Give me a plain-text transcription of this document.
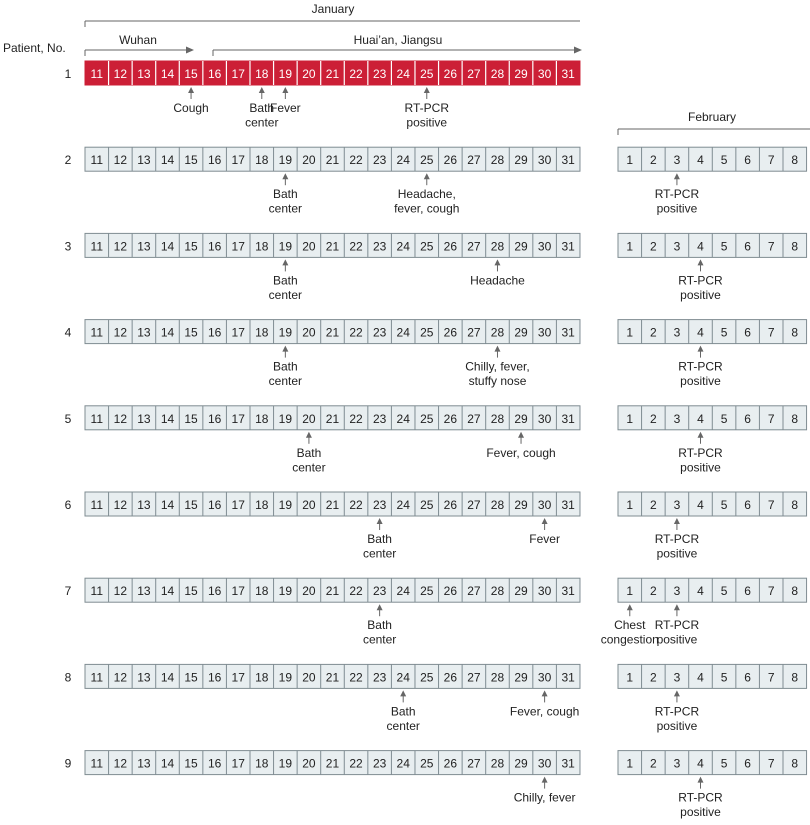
January
February
Patient, No.
Wuhan	Huai’an, Jiangsu
1 11 12 13 14 15 16 17 18 19 20 21 22 23 24 25 26 27 28 29 30 31
Cough	Bath
center
Fever	RT-PCR
positive
2 11 12 13 14 15 16 17 18 19 20 21 22 23 24 25 26 27 28 29 30 31	1 2 3 4 5 6 7 8
Bath
center
Headache,
fever, cough
RT-PCR
positive
3 11 12 13 14 15 16 17 18 19 20 21 22 23 24 25 26 27 28 29 30 31	1 2 3 4 5 6 7 8
Bath
center
Headache	RT-PCR
positive
4 11 12 13 14 15 16 17 18 19 20 21 22 23 24 25 26 27 28 29 30 31	1 2 3 4 5 6 7 8
Bath
center
Chilly, fever,
stuffy nose
RT-PCR
positive
5 11 12 13 14 15 16 17 18 19 20 21 22 23 24 25 26 27 28 29 30 31	1 2 3 4 5 6 7 8
Bath
center
Fever, cough	RT-PCR
positive
6 11 12 13 14 15 16 17 18 19 20 21 22 23 24 25 26 27 28 29 30 31	1 2 3 4 5 6 7 8
Bath
center
Fever	RT-PCR
positive
7 11 12 13 14 15 16 17 18 19 20 21 22 23 24 25 26 27 28 29 30 31	1 2 3 4 5 6 7 8
Bath
center
Chest
congestion
RT-PCR
positive
8 11 12 13 14 15 16 17 18 19 20 21 22 23 24 25 26 27 28 29 30 31	1 2 3 4 5 6 7 8
Bath
center
Fever, cough	RT-PCR
positive
9 11 12 13 14 15 16 17 18 19 20 21 22 23 24 25 26 27 28 29 30 31	1 2 3 4 5 6 7 8
Chilly, fever	RT-PCR
positive
